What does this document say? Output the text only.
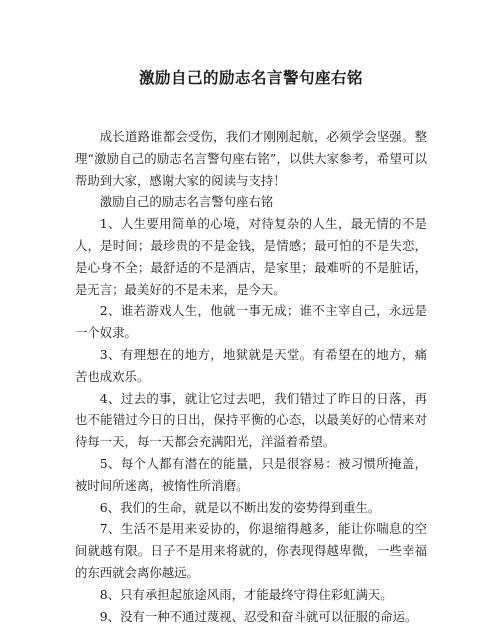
激励自己的励志名言警句座右铭

成长道路谁都会受伤，我们才刚刚起航，必须学会坚强。整理“激励自己的励志名言警句座右铭”，以供大家参考，希望可以帮助到大家，感谢大家的阅读与支持！

激励自己的励志名言警句座右铭

1、人生要用简单的心境，对待复杂的人生，最无情的不是人，是时间；最珍贵的不是金钱，是情感；最可怕的不是失恋，是心身不全；最舒适的不是酒店，是家里；最难听的不是脏话，是无言；最美好的不是未来，是今天。

2、谁若游戏人生，他就一事无成；谁不主宰自己，永远是一个奴隶。

3、有理想在的地方，地狱就是天堂。有希望在的地方，痛苦也成欢乐。

4、过去的事，就让它过去吧，我们错过了昨日的日落，再也不能错过今日的日出，保持平衡的心态，以最美好的心情来对待每一天，每一天都会充满阳光，洋溢着希望。

5、每个人都有潜在的能量，只是很容易：被习惯所掩盖，被时间所迷离，被惰性所消磨。

6、我们的生命，就是以不断出发的姿势得到重生。

7、生活不是用来妥协的，你退缩得越多，能让你喘息的空间就越有限。日子不是用来将就的，你表现得越卑微，一些幸福的东西就会离你越远。

8、只有承担起旅途风雨，才能最终守得住彩虹满天。

9、没有一种不通过蔑视、忍受和奋斗就可以征服的命运。
